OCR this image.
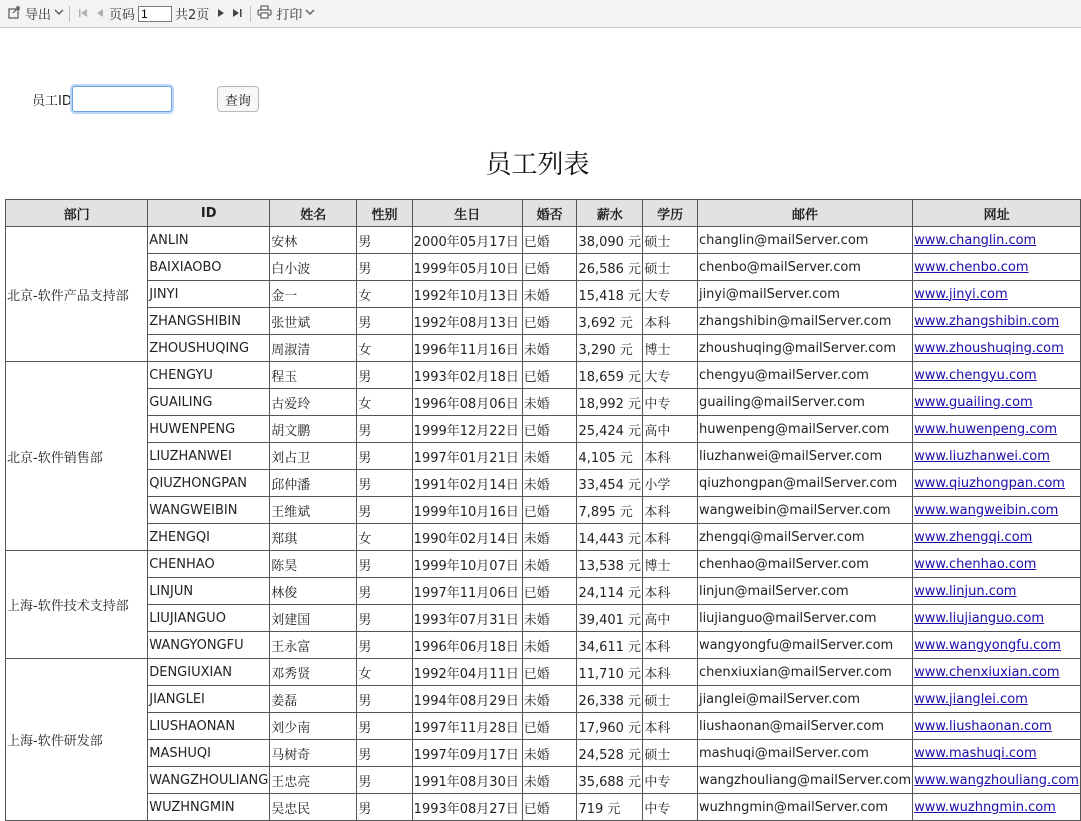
导出	页码
1	共2页	打印
员工ID	查询
员工列表
部门	ID	姓名	性别	生日	婚否	薪水	学历	邮件	网址
北京-软件产品支持部	ANLIN	安林	男	2000年05月17日	已婚	38,090 元	硕士	changlin@mailServer.com	www.changlin.com
	BAIXIAOBO	白小波	男	1999年05月10日	已婚	26,586 元	硕士	chenbo@mailServer.com	www.chenbo.com
	JINYI	金一	女	1992年10月13日	未婚	15,418 元	大专	jinyi@mailServer.com	www.jinyi.com
	ZHANGSHIBIN	张世斌	男	1992年08月13日	已婚	3,692 元	本科	zhangshibin@mailServer.com	www.zhangshibin.com
	ZHOUSHUQING	周淑清	女	1996年11月16日	未婚	3,290 元	博士	zhoushuqing@mailServer.com	www.zhoushuqing.com
北京-软件销售部	CHENGYU	程玉	男	1993年02月18日	已婚	18,659 元	大专	chengyu@mailServer.com	www.chengyu.com
	GUAILING	古爱玲	女	1996年08月06日	未婚	18,992 元	中专	guailing@mailServer.com	www.guailing.com
	HUWENPENG	胡文鹏	男	1999年12月22日	已婚	25,424 元	高中	huwenpeng@mailServer.com	www.huwenpeng.com
	LIUZHANWEI	刘占卫	男	1997年01月21日	未婚	4,105 元	本科	liuzhanwei@mailServer.com	www.liuzhanwei.com
	QIUZHONGPAN	邱仲潘	男	1991年02月14日	未婚	33,454 元	小学	qiuzhongpan@mailServer.com	www.qiuzhongpan.com
	WANGWEIBIN	王维斌	男	1999年10月16日	已婚	7,895 元	本科	wangweibin@mailServer.com	www.wangweibin.com
	ZHENGQI	郑琪	女	1990年02月14日	未婚	14,443 元	本科	zhengqi@mailServer.com	www.zhengqi.com
上海-软件技术支持部	CHENHAO	陈昊	男	1999年10月07日	未婚	13,538 元	博士	chenhao@mailServer.com	www.chenhao.com
	LINJUN	林俊	男	1997年11月06日	已婚	24,114 元	本科	linjun@mailServer.com	www.linjun.com
	LIUJIANGUO	刘建国	男	1993年07月31日	未婚	39,401 元	高中	liujianguo@mailServer.com	www.liujianguo.com
	WANGYONGFU	王永富	男	1996年06月18日	未婚	34,611 元	本科	wangyongfu@mailServer.com	www.wangyongfu.com
上海-软件研发部	DENGIUXIAN	邓秀贤	女	1992年04月11日	已婚	11,710 元	本科	chenxiuxian@mailServer.com	www.chenxiuxian.com
	JIANGLEI	姜磊	男	1994年08月29日	未婚	26,338 元	硕士	jianglei@mailServer.com	www.jianglei.com
	LIUSHAONAN	刘少南	男	1997年11月28日	已婚	17,960 元	本科	liushaonan@mailServer.com	www.liushaonan.com
	MASHUQI	马树奇	男	1997年09月17日	未婚	24,528 元	硕士	mashuqi@mailServer.com	www.mashuqi.com
	WANGZHOULIANG	王忠亮	男	1991年08月30日	未婚	35,688 元	中专	wangzhouliang@mailServer.com	www.wangzhouliang.com
	WUZHNGMIN	吴忠民	男	1993年08月27日	已婚	719 元	中专	wuzhngmin@mailServer.com	www.wuzhngmin.com
